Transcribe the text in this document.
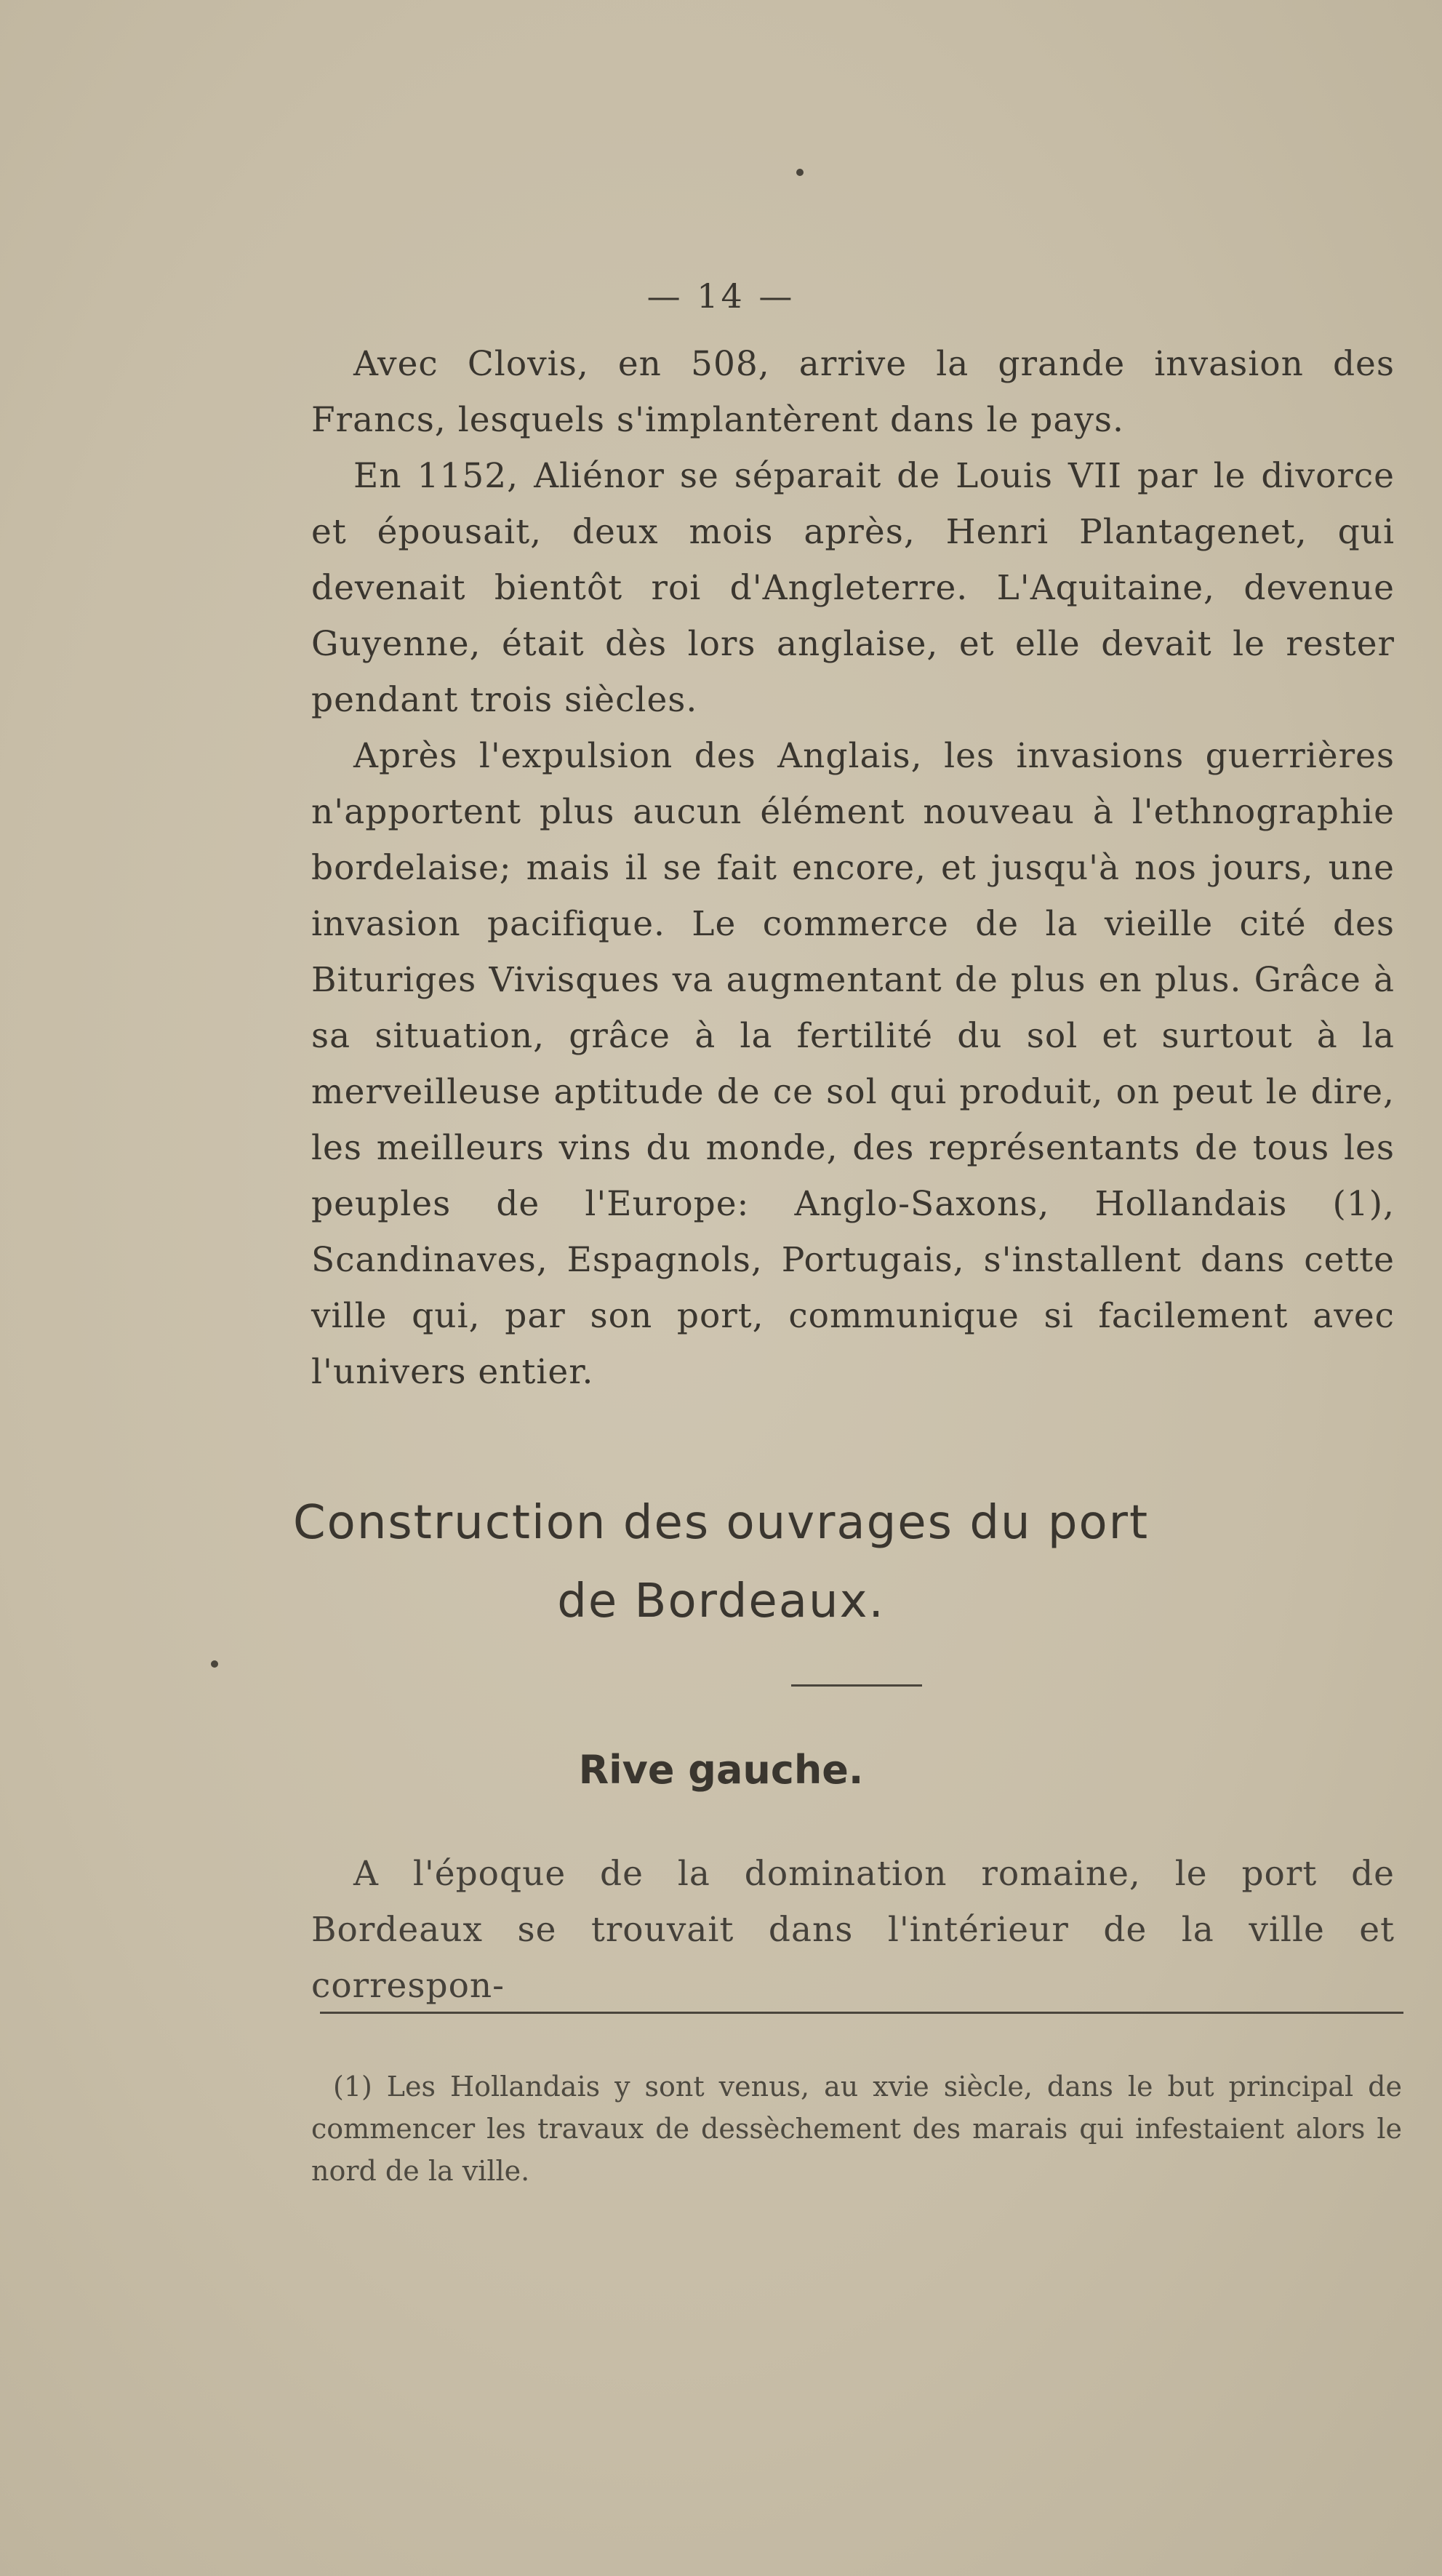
— 14 —

Avec Clovis, en 508, arrive la grande invasion des Francs, lesquels s'implantèrent dans le pays.

En 1152, Aliénor se séparait de Louis VII par le divorce et épousait, deux mois après, Henri Plantagenet, qui devenait bientôt roi d'Angleterre. L'Aquitaine, devenue Guyenne, était dès lors anglaise, et elle devait le rester pendant trois siècles.

Après l'expulsion des Anglais, les invasions guerrières n'apportent plus aucun élément nouveau à l'ethnographie bordelaise; mais il se fait encore, et jusqu'à nos jours, une invasion pacifique. Le commerce de la vieille cité des Bituriges Vivisques va augmentant de plus en plus. Grâce à sa situation, grâce à la fertilité du sol et surtout à la merveilleuse aptitude de ce sol qui produit, on peut le dire, les meilleurs vins du monde, des représentants de tous les peuples de l'Europe: Anglo-Saxons, Hollandais (1), Scandinaves, Espagnols, Portugais, s'installent dans cette ville qui, par son port, communique si facilement avec l'univers entier.

Construction des ouvrages du port
de Bordeaux.
Rive gauche.

A l'époque de la domination romaine, le port de Bordeaux se trouvait dans l'intérieur de la ville et correspon-

(1) Les Hollandais y sont venus, au xvie siècle, dans le but principal de commencer les travaux de dessèchement des marais qui infestaient alors le nord de la ville.
